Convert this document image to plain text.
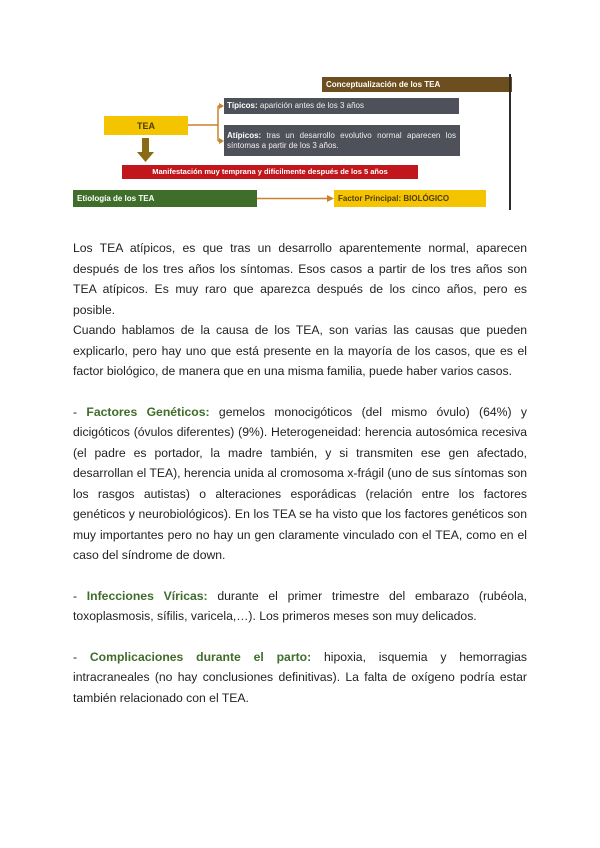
Conceptualización de los TEA
TEA
Típicos: aparición antes de los 3 años
Atípicos: tras un desarrollo evolutivo normal aparecen los síntomas a partir de los 3 años.
Manifestación muy temprana y difícilmente después de los 5 años
Etiología de los TEA	Factor Principal: BIOLÓGICO

Los TEA atípicos, es que tras un desarrollo aparentemente normal, aparecen después de los tres años los síntomas. Esos casos a partir de los tres años son TEA atípicos. Es muy raro que aparezca después de los cinco años, pero es posible.

Cuando hablamos de la causa de los TEA, son varias las causas que pueden explicarlo, pero hay uno que está presente en la mayoría de los casos, que es el factor biológico, de manera que en una misma familia, puede haber varios casos.

- Factores Genéticos: gemelos monocigóticos (del mismo óvulo) (64%) y dicigóticos (óvulos diferentes) (9%). Heterogeneidad: herencia autosómica recesiva (el padre es portador, la madre también, y si transmiten ese gen afectado, desarrollan el TEA), herencia unida al cromosoma x-frágil (uno de sus síntomas son los rasgos autistas) o alteraciones esporádicas (relación entre los factores genéticos y neurobiológicos). En los TEA se ha visto que los factores genéticos son muy importantes pero no hay un gen claramente vinculado con el TEA, como en el caso del síndrome de down.

- Infecciones Víricas: durante el primer trimestre del embarazo (rubéola, toxoplasmosis, sífilis, varicela,…). Los primeros meses son muy delicados.

- Complicaciones durante el parto: hipoxia, isquemia y hemorragias intracraneales (no hay conclusiones definitivas). La falta de oxígeno podría estar también relacionado con el TEA.
